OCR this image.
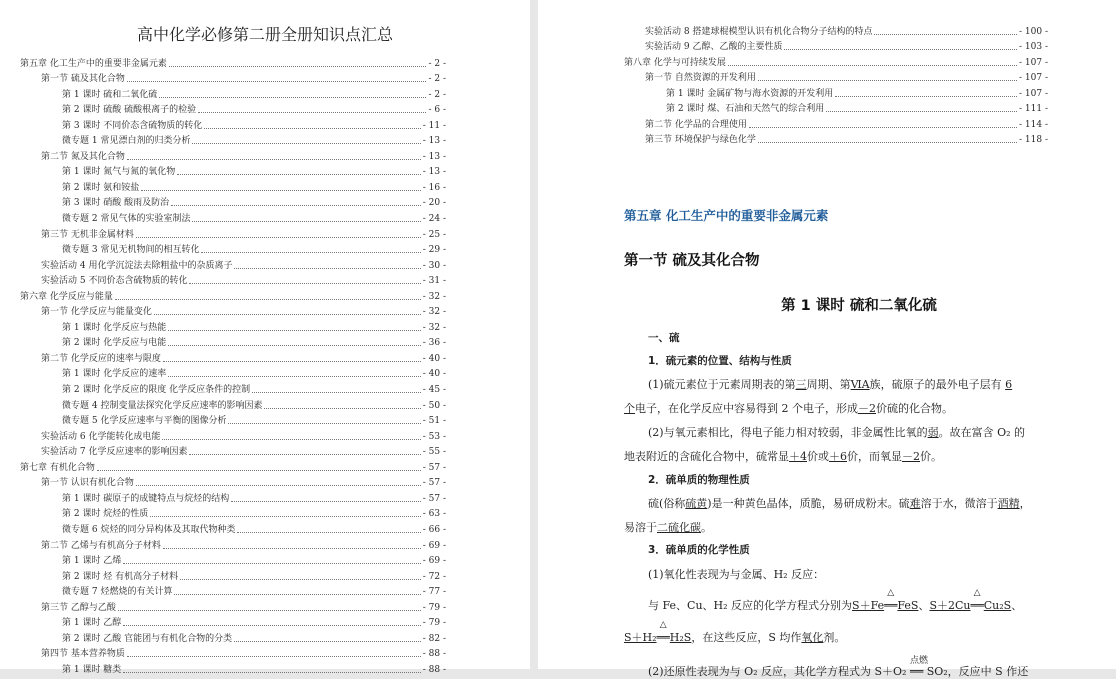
高中化学必修第二册全册知识点汇总
第五章 化工生产中的重要非金属元素	- 2 -
第一节 硫及其化合物	- 2 -
第 1 课时 硫和二氧化硫	- 2 -
第 2 课时 硫酸 硫酸根离子的检验	- 6 -
第 3 课时 不同价态含硫物质的转化	- 11 -
微专题 1 常见漂白剂的归类分析	- 13 -
第二节 氮及其化合物	- 13 -
第 1 课时 氮气与氮的氧化物	- 13 -
第 2 课时 氨和铵盐	- 16 -
第 3 课时 硝酸 酸雨及防治	- 20 -
微专题 2 常见气体的实验室制法	- 24 -
第三节 无机非金属材料	- 25 -
微专题 3 常见无机物间的相互转化	- 29 -
实验活动 4 用化学沉淀法去除粗盐中的杂质离子	- 30 -
实验活动 5 不同价态含硫物质的转化	- 31 -
第六章 化学反应与能量	- 32 -
第一节 化学反应与能量变化	- 32 -
第 1 课时 化学反应与热能	- 32 -
第 2 课时 化学反应与电能	- 36 -
第二节 化学反应的速率与限度	- 40 -
第 1 课时 化学反应的速率	- 40 -
第 2 课时 化学反应的限度 化学反应条件的控制	- 45 -
微专题 4 控制变量法探究化学反应速率的影响因素	- 50 -
微专题 5 化学反应速率与平衡的图像分析	- 51 -
实验活动 6 化学能转化成电能	- 53 -
实验活动 7 化学反应速率的影响因素	- 55 -
第七章 有机化合物	- 57 -
第一节 认识有机化合物	- 57 -
第 1 课时 碳原子的成键特点与烷烃的结构	- 57 -
第 2 课时 烷烃的性质	- 63 -
微专题 6 烷烃的同分异构体及其取代物种类	- 66 -
第二节 乙烯与有机高分子材料	- 69 -
第 1 课时 乙烯	- 69 -
第 2 课时 烃 有机高分子材料	- 72 -
微专题 7 烃燃烧的有关计算	- 77 -
第三节 乙醇与乙酸	- 79 -
第 1 课时 乙醇	- 79 -
第 2 课时 乙酸 官能团与有机化合物的分类	- 82 -
第四节 基本营养物质	- 88 -
第 1 课时 糖类	- 88 -
实验活动 8 搭建球棍模型认识有机化合物分子结构的特点	- 100 -
实验活动 9 乙醇、乙酸的主要性质	- 103 -
第八章 化学与可持续发展	- 107 -
第一节 自然资源的开发利用	- 107 -
第 1 课时 金属矿物与海水资源的开发利用	- 107 -
第 2 课时 煤、石油和天然气的综合利用	- 111 -
第二节 化学品的合理使用	- 114 -
第三节 环境保护与绿色化学	- 118 -
第五章 化工生产中的重要非金属元素
第一节 硫及其化合物
第 1 课时 硫和二氧化硫
一、硫
1．硫元素的位置、结构与性质
(1)硫元素位于元素周期表的第三周期、第ⅥA族，硫原子的最外电子层有 6
个电子，在化学反应中容易得到 2 个电子，形成－2价硫的化合物。
(2)与氧元素相比，得电子能力相对较弱，非金属性比氧的弱。故在富含 O₂ 的
地表附近的含硫化合物中，硫常显＋4价或＋6价，而氧显－2价。
2．硫单质的物理性质
硫(俗称硫黄)是一种黄色晶体，质脆，易研成粉末。硫难溶于水，微溶于酒精，
易溶于二硫化碳。
3．硫单质的化学性质
(1)氧化性表现为与金属、H₂ 反应：
与 Fe、Cu、H₂ 反应的化学方程式分别为S＋Fe
△
══FeS、S＋2Cu
△
══Cu₂S、
S＋H₂
△
══H₂S，在这些反应，S 均作氧化剂。
点燃
(2)还原性表现为与 O₂ 反应，其化学方程式为 S＋O₂ ══ SO₂，反应中 S 作还
